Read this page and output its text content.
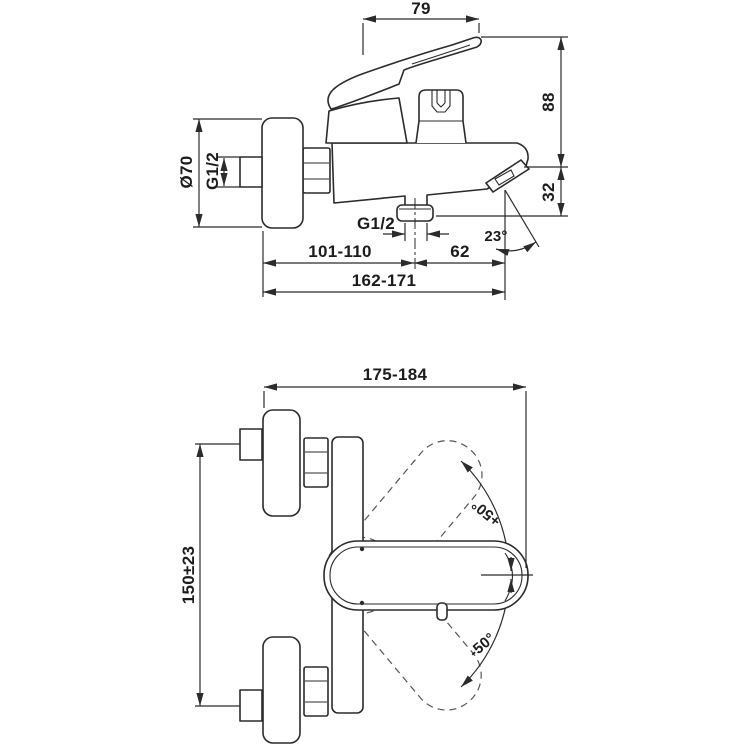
79
88
32
Ø70 G1/2
G1/2
101-110	62
162-171
23°
175-184
150±23
+50°
-50°
